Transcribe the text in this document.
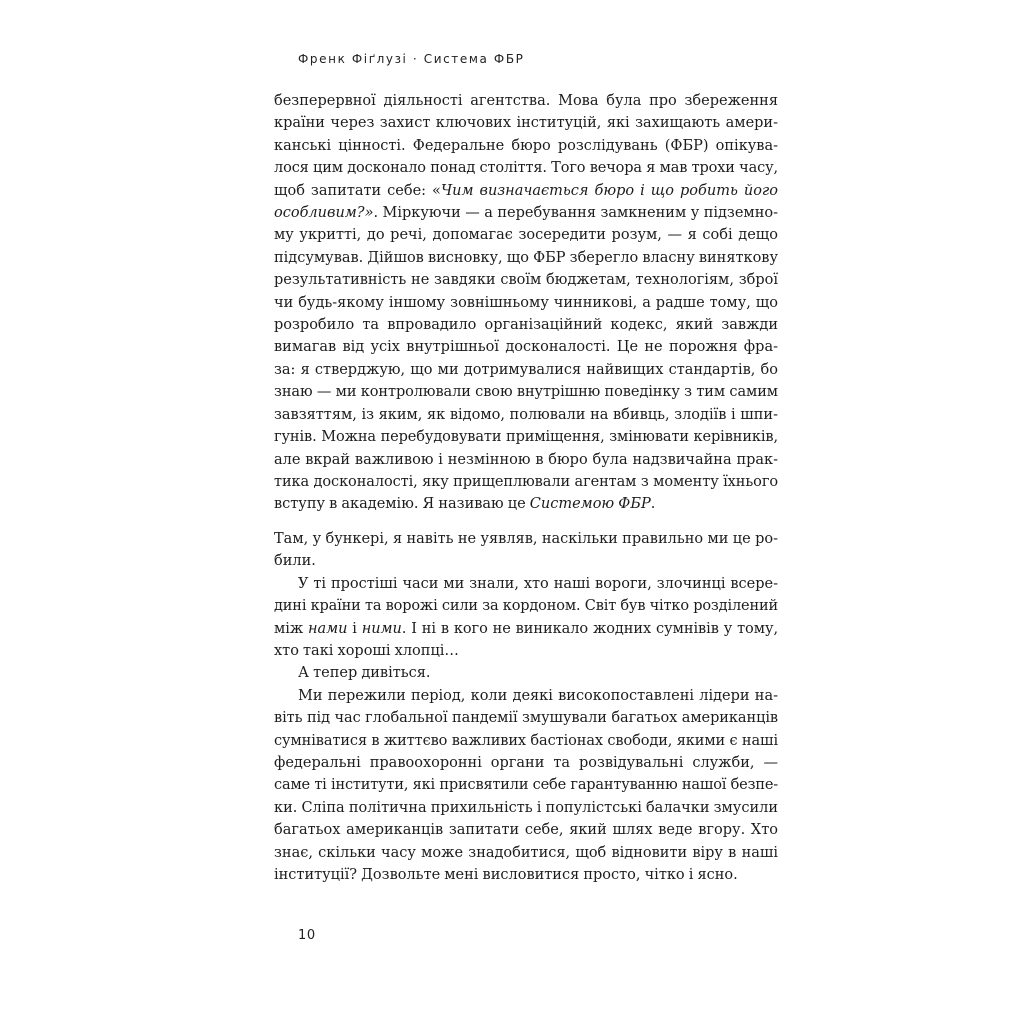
Френк Фіґлузі · Система ФБР
безперервної діяльності агентства. Мова була про збереження
країни через захист ключових інституцій, які захищають амери-
канські цінності. Федеральне бюро розслідувань (ФБР) опікува-
лося цим досконало понад століття. Того вечора я мав трохи часу,
щоб запитати себе: «Чим визначається бюро і що робить його
особливим?». Міркуючи — а перебування замкненим у підземно-
му укритті, до речі, допомагає зосередити розум, — я собі дещо
підсумував. Дійшов висновку, що ФБР зберегло власну виняткову
результативність не завдяки своїм бюджетам, технологіям, зброї
чи будь-якому іншому зовнішньому чинникові, а радше тому, що
розробило та впровадило організаційний кодекс, який завжди
вимагав від усіх внутрішньої досконалості. Це не порожня фра-
за: я стверджую, що ми дотримувалися найвищих стандартів, бо
знаю — ми контролювали свою внутрішню поведінку з тим самим
завзяттям, із яким, як відомо, полювали на вбивць, злодіїв і шпи-
гунів. Можна перебудовувати приміщення, змінювати керівників,
але вкрай важливою і незмінною в бюро була надзвичайна прак-
тика досконалості, яку прищеплювали агентам з моменту їхнього
вступу в академію. Я називаю це Системою ФБР.
Там, у бункері, я навіть не уявляв, наскільки правильно ми це ро-
били.
У ті простіші часи ми знали, хто наші вороги, злочинці всере-
дині країни та ворожі сили за кордоном. Світ був чітко розділений
між нами і ними. І ні в кого не виникало жодних сумнівів у тому,
хто такі хороші хлопці…
А тепер дивіться.
Ми пережили період, коли деякі високопоставлені лідери на-
віть під час глобальної пандемії змушували багатьох американців
сумніватися в життєво важливих бастіонах свободи, якими є наші
федеральні правоохоронні органи та розвідувальні служби, —
саме ті інститути, які присвятили себе гарантуванню нашої безпе-
ки. Сліпа політична прихильність і популістські балачки змусили
багатьох американців запитати себе, який шлях веде вгору. Хто
знає, скільки часу може знадобитися, щоб відновити віру в наші
інституції? Дозвольте мені висловитися просто, чітко і ясно.
10
